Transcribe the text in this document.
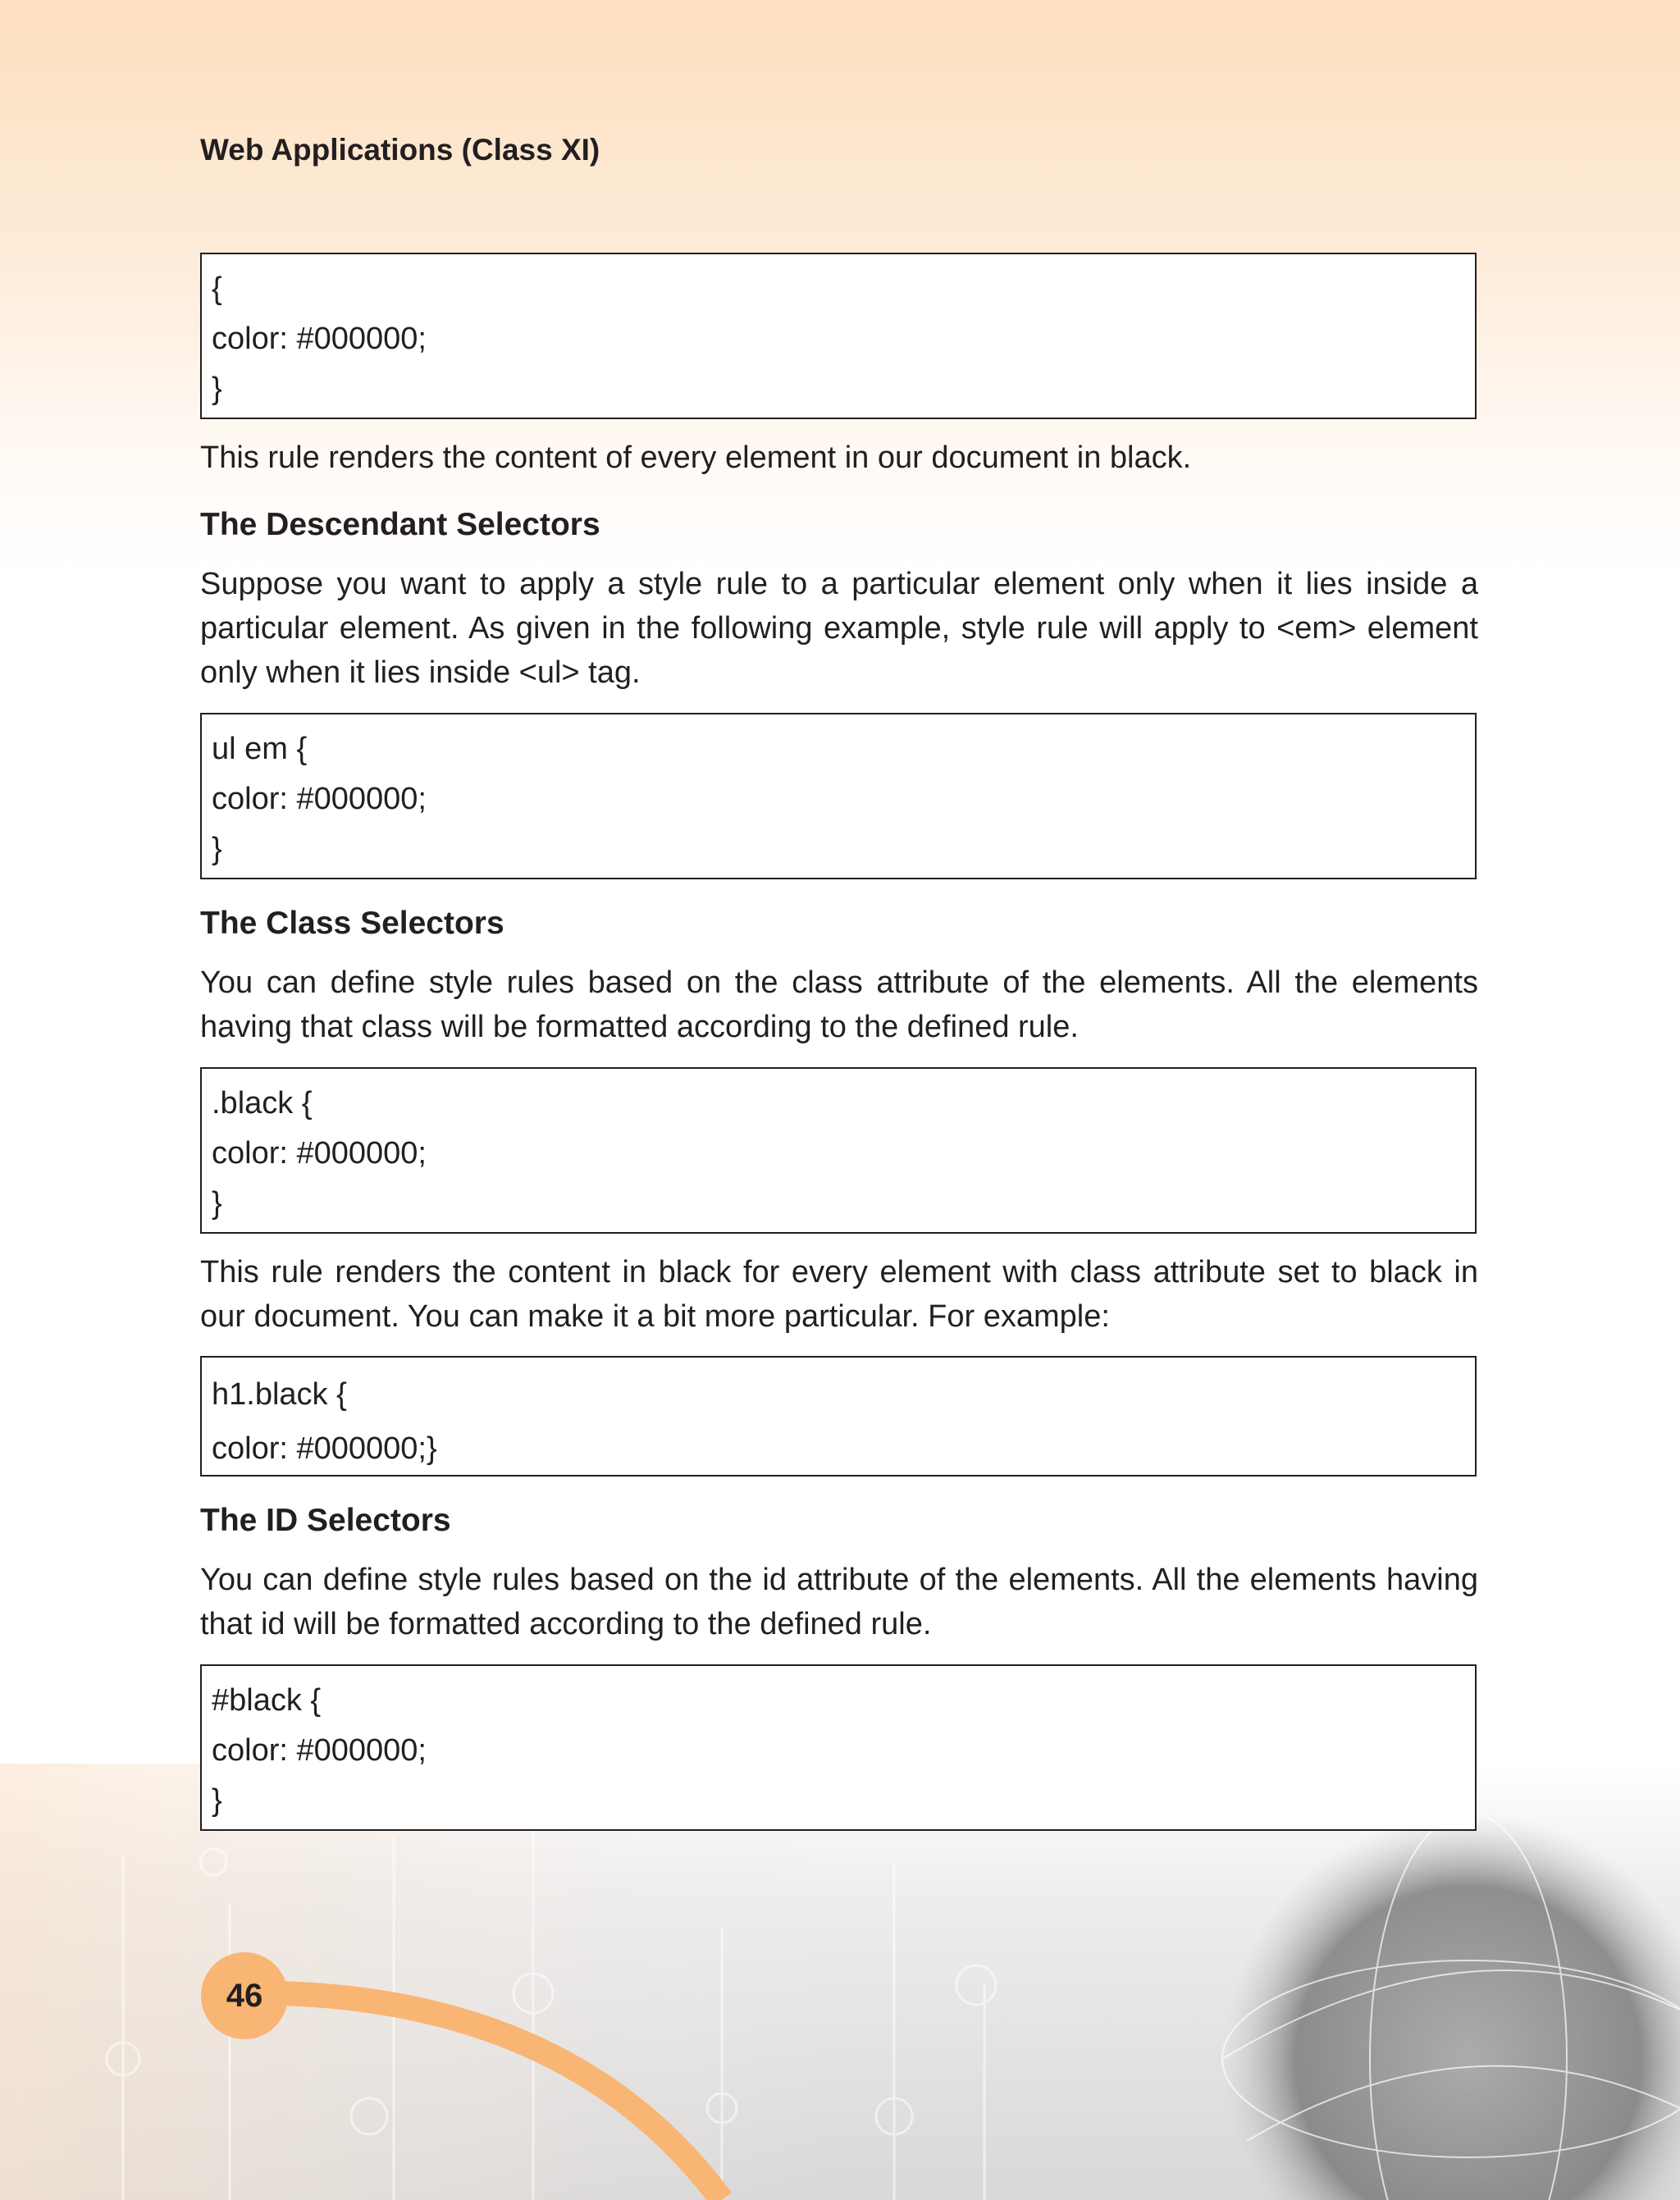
Web Applications (Class XI)
{
color: #000000;
}

This rule renders the content of every element in our document in black.

The Descendant Selectors

Suppose you want to apply a style rule to a particular element only when it lies inside a particular element. As given in the following example, style rule will apply to <em> element only when it lies inside <ul> tag.

ul em {
color: #000000;
}
The Class Selectors

You can define style rules based on the class attribute of the elements. All the elements having that class will be formatted according to the defined rule.

.black {
color: #000000;
}

This rule renders the content in black for every element with class attribute set to black in our document. You can make it a bit more particular. For example:

h1.black {
color: #000000;}
The ID Selectors

You can define style rules based on the id attribute of the elements. All the elements having that id will be formatted according to the defined rule.

#black {
color: #000000;
}
46
